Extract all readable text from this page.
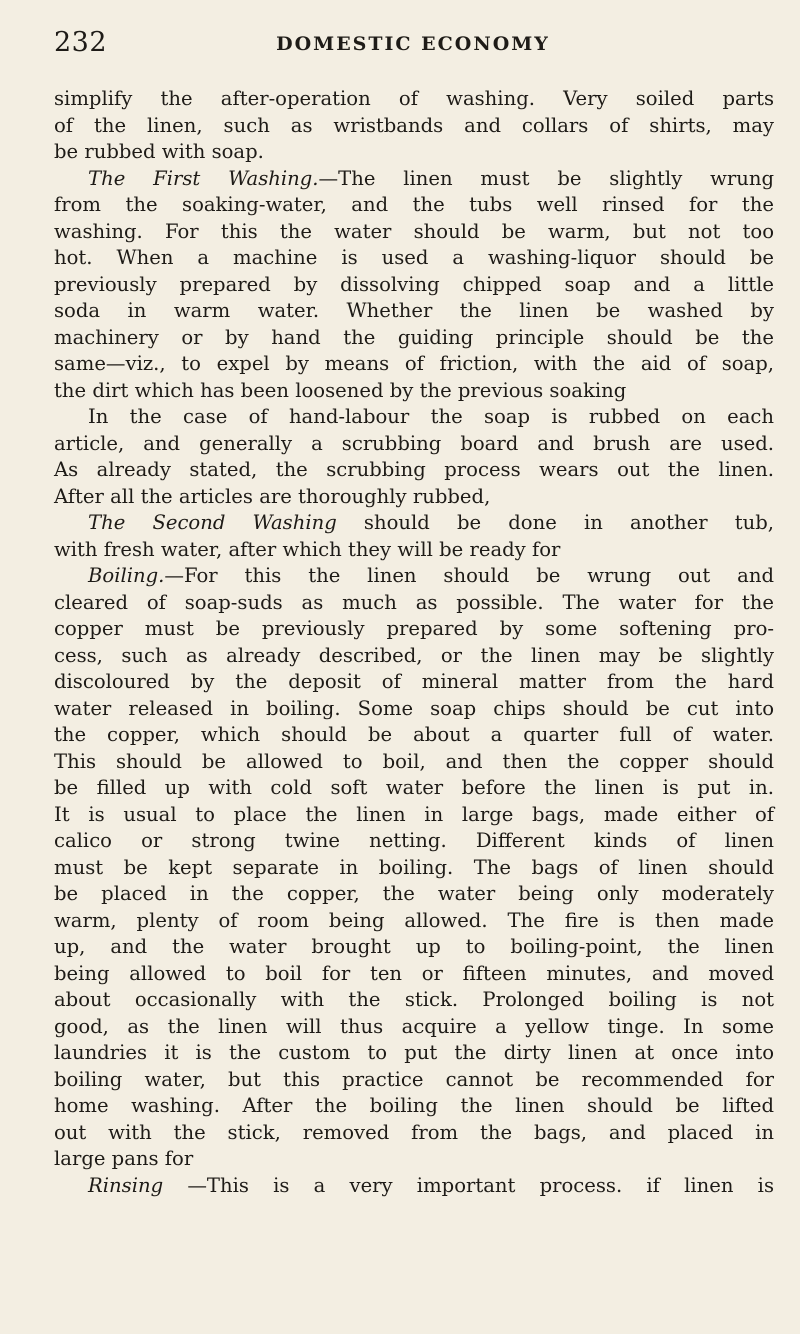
232	DOMESTIC ECONOMY
simplify the after-operation of washing. Very soiled parts
of the linen, such as wristbands and collars of shirts, may
be rubbed with soap.
The First Washing.—The linen must be slightly wrung
from the soaking-water, and the tubs well rinsed for the
washing. For this the water should be warm, but not too
hot. When a machine is used a washing-liquor should be
previously prepared by dissolving chipped soap and a little
soda in warm water. Whether the linen be washed by
machinery or by hand the guiding principle should be the
same—viz., to expel by means of friction, with the aid of soap,
the dirt which has been loosened by the previous soaking
In the case of hand-labour the soap is rubbed on each
article, and generally a scrubbing board and brush are used.
As already stated, the scrubbing process wears out the linen.
After all the articles are thoroughly rubbed,
The Second Washing should be done in another tub,
with fresh water, after which they will be ready for
Boiling.—For this the linen should be wrung out and
cleared of soap-suds as much as possible. The water for the
copper must be previously prepared by some softening pro-
cess, such as already described, or the linen may be slightly
discoloured by the deposit of mineral matter from the hard
water released in boiling. Some soap chips should be cut into
the copper, which should be about a quarter full of water.
This should be allowed to boil, and then the copper should
be filled up with cold soft water before the linen is put in.
It is usual to place the linen in large bags, made either of
calico or strong twine netting. Different kinds of linen
must be kept separate in boiling. The bags of linen should
be placed in the copper, the water being only moderately
warm, plenty of room being allowed. The fire is then made
up, and the water brought up to boiling-point, the linen
being allowed to boil for ten or fifteen minutes, and moved
about occasionally with the stick. Prolonged boiling is not
good, as the linen will thus acquire a yellow tinge. In some
laundries it is the custom to put the dirty linen at once into
boiling water, but this practice cannot be recommended for
home washing. After the boiling the linen should be lifted
out with the stick, removed from the bags, and placed in
large pans for
Rinsing —This is a very important process. if linen is
